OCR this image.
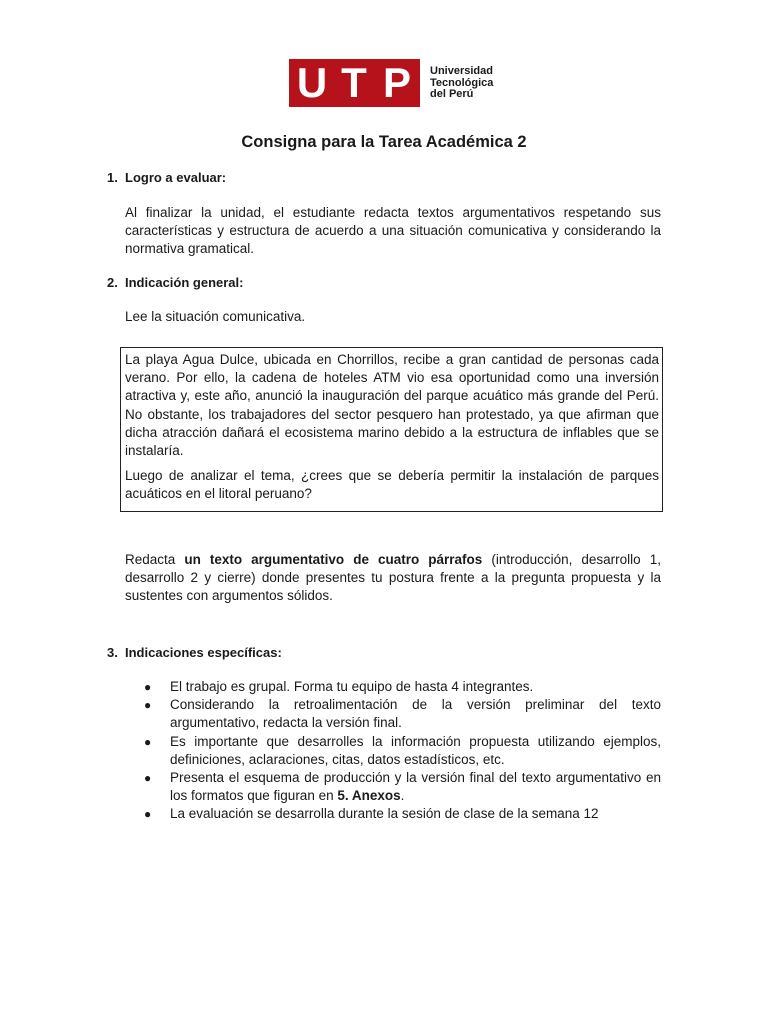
U T P	Universidad
Tecnológica
del Perú
Consigna para la Tarea Académica 2
1. Logro a evaluar:
Al finalizar la unidad, el estudiante redacta textos argumentativos respetando sus características y estructura de acuerdo a una situación comunicativa y considerando la normativa gramatical.
2. Indicación general:
Lee la situación comunicativa.
La playa Agua Dulce, ubicada en Chorrillos, recibe a gran cantidad de personas cada verano. Por ello, la cadena de hoteles ATM vio esa oportunidad como una inversión atractiva y, este año, anunció la inauguración del parque acuático más grande del Perú. No obstante, los trabajadores del sector pesquero han protestado, ya que afirman que dicha atracción dañará el ecosistema marino debido a la estructura de inflables que se instalaría.
Luego de analizar el tema, ¿crees que se debería permitir la instalación de parques acuáticos en el litoral peruano?
Redacta un texto argumentativo de cuatro párrafos (introducción, desarrollo 1, desarrollo 2 y cierre) donde presentes tu postura frente a la pregunta propuesta y la sustentes con argumentos sólidos.
3. Indicaciones específicas:
● El trabajo es grupal. Forma tu equipo de hasta 4 integrantes.
● Considerando la retroalimentación de la versión preliminar del texto argumentativo, redacta la versión final.
● Es importante que desarrolles la información propuesta utilizando ejemplos, definiciones, aclaraciones, citas, datos estadísticos, etc.
● Presenta el esquema de producción y la versión final del texto argumentativo en los formatos que figuran en 5. Anexos.
● La evaluación se desarrolla durante la sesión de clase de la semana 12
